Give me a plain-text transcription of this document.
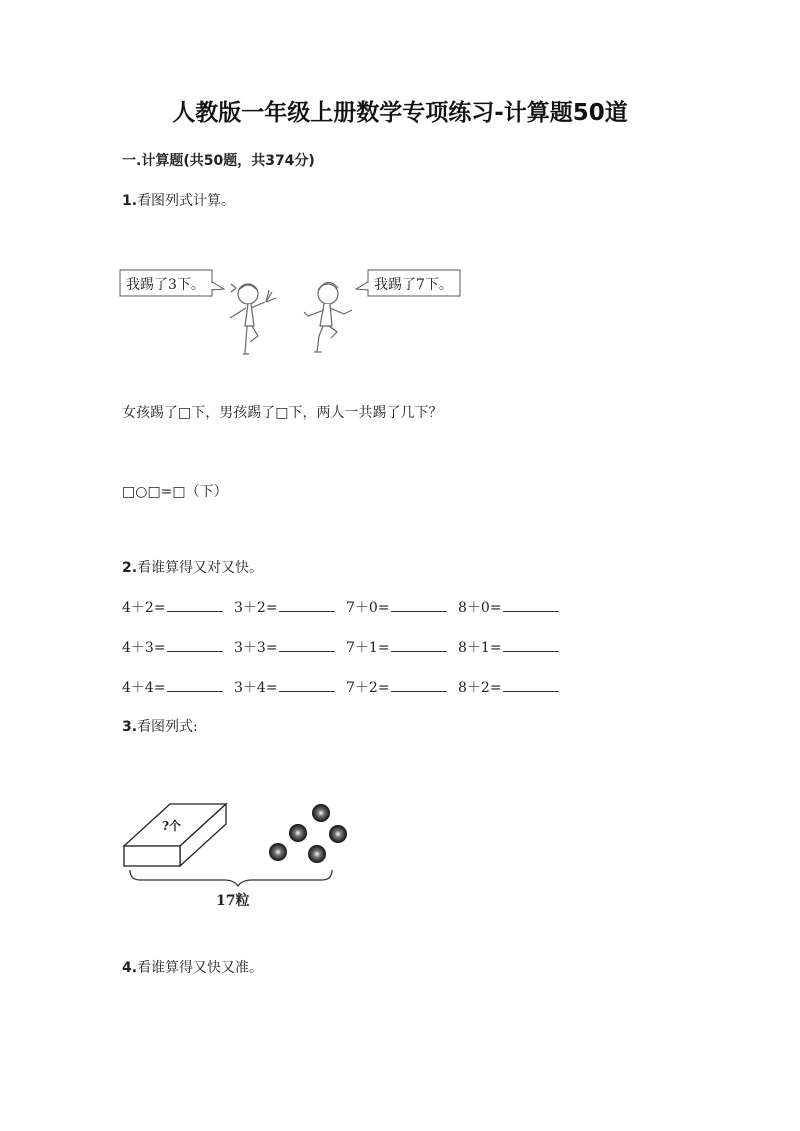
人教版一年级上册数学专项练习-计算题50道
一.计算题(共50题，共374分)
1.看图列式计算。
我踢了3下。	我踢了7下。
女孩踢了□下，男孩踢了□下，两人一共踢了几下？
□○□=□（下）
2.看谁算得又对又快。
4＋2=	3＋2=	7＋0=	8＋0=
4＋3=	3＋3=	7＋1=	8＋1=
4＋4=	3＋4=	7＋2=	8＋2=
3.看图列式:
?个
17粒
4.看谁算得又快又准。
